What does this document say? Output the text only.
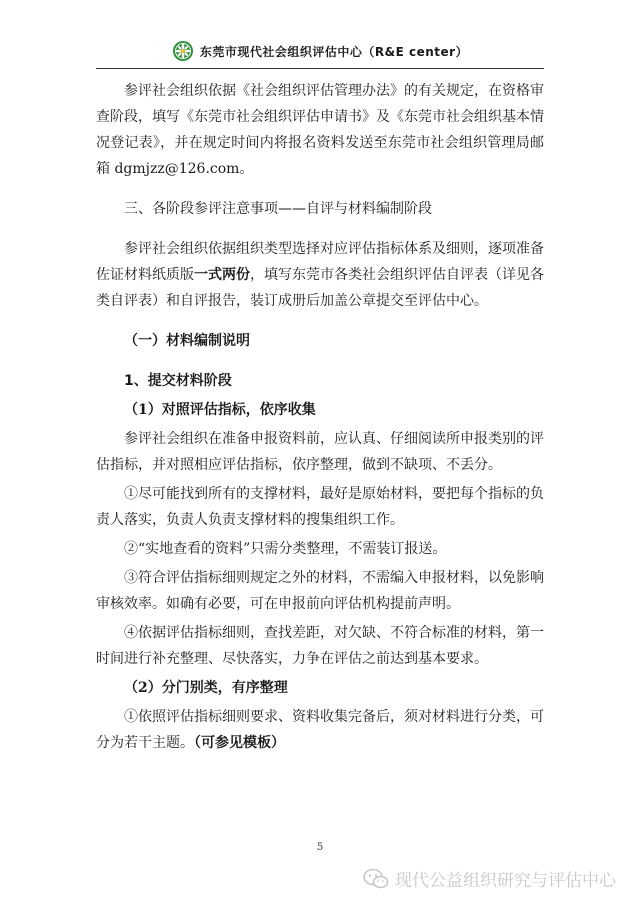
东莞市现代社会组织评估中心（R&E center）

参评社会组织依据《社会组织评估管理办法》的有关规定，在资格审查阶段，填写《东莞市社会组织评估申请书》及《东莞市社会组织基本情况登记表》，并在规定时间内将报名资料发送至东莞市社会组织管理局邮箱 dgmjzz@126.com。

三、各阶段参评注意事项——自评与材料编制阶段

参评社会组织依据组织类型选择对应评估指标体系及细则，逐项准备佐证材料纸质版一式两份，填写东莞市各类社会组织评估自评表（详见各类自评表）和自评报告，装订成册后加盖公章提交至评估中心。

（一）材料编制说明

1、提交材料阶段

（1）对照评估指标，依序收集

参评社会组织在准备申报资料前，应认真、仔细阅读所申报类别的评估指标，并对照相应评估指标，依序整理，做到不缺项、不丢分。

①尽可能找到所有的支撑材料，最好是原始材料，要把每个指标的负责人落实，负责人负责支撑材料的搜集组织工作。

②“实地查看的资料”只需分类整理，不需装订报送。

③符合评估指标细则规定之外的材料，不需编入申报材料，以免影响审核效率。如确有必要，可在申报前向评估机构提前声明。

④依据评估指标细则，查找差距，对欠缺、不符合标准的材料，第一时间进行补充整理、尽快落实，力争在评估之前达到基本要求。

（2）分门别类，有序整理

①依照评估指标细则要求、资料收集完备后，须对材料进行分类，可分为若干主题。（可参见模板）

5
现代公益组织研究与评估中心
